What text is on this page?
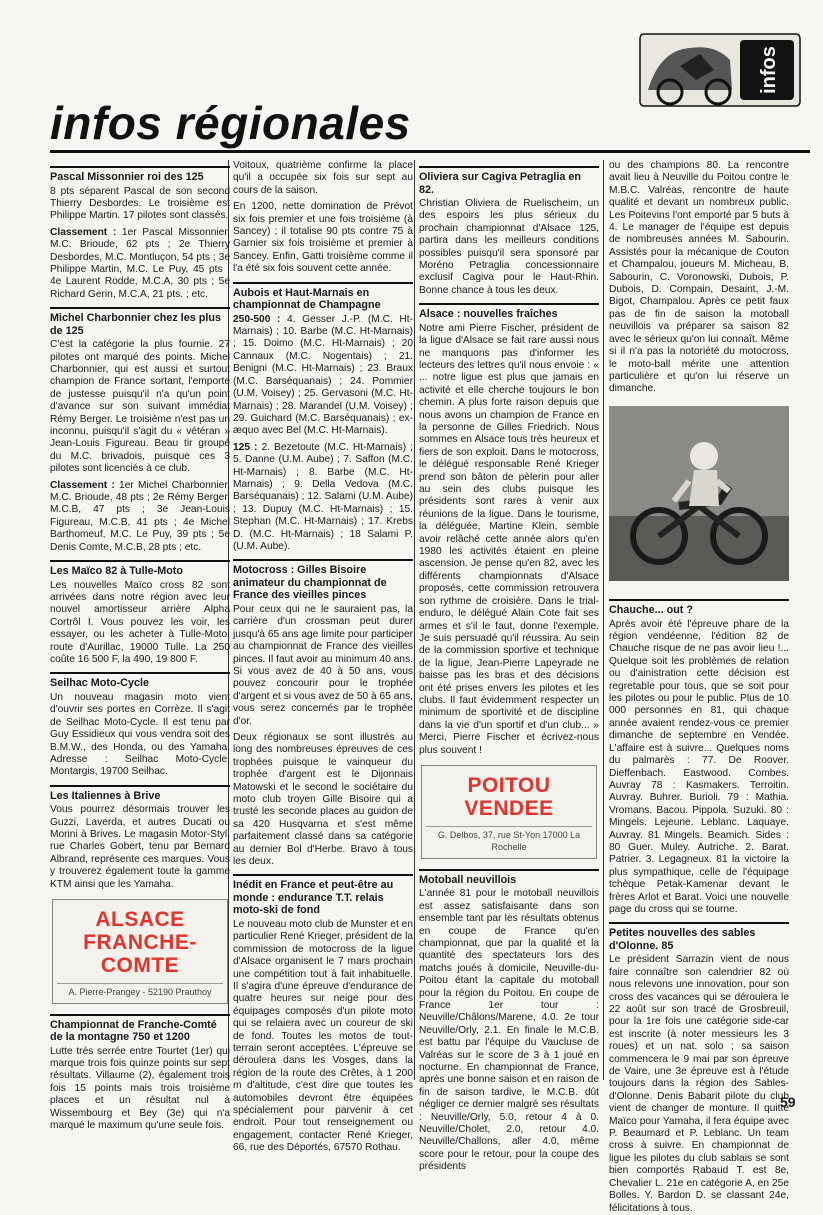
infos
infos régionales
Pascal Missonnier roi des 125

8 pts séparent Pascal de son second Thierry Desbordes. Le troisième est Philippe Martin. 17 pilotes sont classés.

Classement : 1er Pascal Missonnier, M.C. Brioude, 62 pts ; 2e Thierry Desbordes, M.C. Montluçon, 54 pts ; 3e Philippe Martin, M.C. Le Puy, 45 pts ; 4e Laurent Rodde, M.C.A, 30 pts ; 5e Richard Gerin, M.C.A, 21 pts. ; etc.

Michel Charbonnier chez les plus de 125

C'est la catégorie la plus fournie. 27 pilotes ont marqué des points. Michel Charbonnier, qui est aussi et surtout champion de France sortant, l'emporte de justesse puisqu'il n'a qu'un point d'avance sur son suivant immédiat Rémy Berger. Le troisième n'est pas un inconnu, puisqu'il s'agit du « vétéran » Jean-Louis Figureau. Beau tir groupé du M.C. brivadois, puisque ces 3 pilotes sont licenciés à ce club.

Classement : 1er Michel Charbonnier, M.C. Brioude, 48 pts ; 2e Rémy Berger, M.C.B, 47 pts ; 3e Jean-Louis Figureau, M.C.B, 41 pts ; 4e Michel Barthomeuf, M.C. Le Puy, 39 pts ; 5e Denis Comte, M.C.B, 28 pts ; etc.

Les Maïco 82 à Tulle-Moto

Les nouvelles Maïco cross 82 sont arrivées dans notre région avec leur nouvel amortisseur arrière Alpha Cortrôl I. Vous pouvez les voir, les essayer, ou les acheter à Tulle-Moto, route d'Aurillac, 19000 Tulle. La 250 coûte 16 500 F, la 490, 19 800 F.

Seilhac Moto-Cycle

Un nouveau magasin moto vient d'ouvrir ses portes en Corrèze. Il s'agit de Seilhac Moto-Cycle. Il est tenu par Guy Essidieux qui vous vendra soit des B.M.W., des Honda, ou des Yamaha. Adresse : Seilhac Moto-Cycle, Montargis, 19700 Seilhac.

Les Italiennes à Brive

Vous pourrez désormais trouver les Guzzi, Laverda, et autres Ducati ou Morini à Brives. Le magasin Motor-Styl, rue Charles Gobert, tenu par Bernard Albrand, représente ces marques. Vous y trouverez également toute la gamme KTM ainsi que les Yamaha.

ALSACE FRANCHE-COMTE
A. Pierre-Prangey - 52190 Prauthoy
Championnat de Franche-Comté de la montagne 750 et 1200

Lutte très serrée entre Tourtet (1er) qui marque trois fois quinze points sur sept résultats. Villaume (2), également trois fois 15 points mais trois troisième places et un résultat nul à Wissembourg et Bey (3e) qui n'a marqué le maximum qu'une seule fois.

Voitoux, quatrième confirme la place qu'il a occupée six fois sur sept au cours de la saison.

En 1200, nette domination de Prévot six fois premier et une fois troisième (à Sancey) ; il totalise 90 pts contre 75 à Garnier six fois troisième et premier à Sancey. Enfin, Gatti troisième comme il l'a été six fois souvent cette année.

Aubois et Haut-Marnais en championnat de Champagne

250-500 : 4. Gesser J.-P. (M.C. Ht-Marnais) ; 10. Barbe (M.C. Ht-Marnais) ; 15. Doimo (M.C. Ht-Marnais) ; 20 Cannaux (M.C. Nogentais) ; 21. Benigni (M.C. Ht-Marnais) ; 23. Braux (M.C. Barséquanais) ; 24. Pommier (U.M. Voisey) ; 25. Gervasoni (M.C. Ht-Marnais) ; 28. Marandel (U.M. Voisey) ; 29. Guichard (M.C. Barséquanais) ; ex-æquo avec Bel (M.C. Ht-Marnais).

125 : 2. Bezetoute (M.C. Ht-Marnais) ; 5. Danne (U.M. Aube) ; 7. Saffon (M.C. Ht-Marnais) ; 8. Barbe (M.C. Ht-Marnais) ; 9. Della Vedova (M.C. Barséquanais) ; 12. Salami (U.M. Aube) ; 13. Dupuy (M.C. Ht-Marnais) ; 15. Stephan (M.C. Ht-Marnais) ; 17. Krebs D. (M.C. Ht-Marnais) ; 18 Salami P. (U.M. Aube).

Motocross : Gilles Bisoire animateur du championnat de France des vieilles pinces

Pour ceux qui ne le sauraient pas, la carrière d'un crossman peut durer jusqu'à 65 ans age limite pour participer au championnat de France des vieilles pinces. Il faut avoir au minimum 40 ans. Si vous avez de 40 à 50 ans, vous pouvez concourir pour le trophée d'argent et si vous avez de 50 à 65 ans, vous serez concernés par le trophée d'or.

Deux régionaux se sont illustrés au long des nombreuses épreuves de ces trophées puisque le vainqueur du trophée d'argent est le Dijonnais Matowski et le second le sociétaire du moto club troyen Gille Bisoire qui a trusté les seconde places au guidon de sa 420 Husqvarna et s'est même parfaitement classé dans sa catégorie au dernier Bol d'Herbe. Bravo à tous les deux.

Inédit en France et peut-être au monde : endurance T.T. relais moto-ski de fond

Le nouveau moto club de Munster et en particulier René Krieger, président de la commission de motocross de la ligue d'Alsace organisent le 7 mars prochain une compétition tout à fait inhabituelle. Il s'agira d'une épreuve d'endurance de quatre heures sur neige pour des équipages composés d'un pilote moto qui se relaiera avec un coureur de ski de fond. Toutes les motos de tout-terrain seront acceptées. L'épreuve se déroulera dans les Vosges, dans la région de la route des Crêtes, à 1 200 m d'altitude, c'est dire que toutes les automobiles devront être équipées spécialement pour parvenir à cet endroit. Pour tout renseignement ou engagement, contacter René Krieger, 66, rue des Déportés, 67570 Rothau.

Oliviera sur Cagiva Petraglia en 82.

Christian Oliviera de Ruelischeim, un des espoirs les plus sérieux du prochain championnat d'Alsace 125, partira dans les meilleurs conditions possibles puisqu'il sera sponsoré par Moréno Petraglia concessionnaire exclusif Cagiva pour le Haut-Rhin. Bonne chance à tous les deux.

Alsace : nouvelles fraîches

Notre ami Pierre Fischer, président de la ligue d'Alsace se fait rare aussi nous ne manquons pas d'informer les lecteurs des lettres qu'il nous envoie : « ... notre ligue est plus que jamais en activité et elle cherche toujours le bon chemin. A plus forte raison depuis que nous avons un champion de France en la personne de Gilles Friedrich. Nous sommes en Alsace tous très heureux et fiers de son exploit. Dans le motocross, le délégué responsable René Krieger prend son bâton de pèlerin pour aller au sein des clubs puisque les présidents sont rares à venir aux réunions de la ligue. Dans le tourisme, la déléguée, Martine Klein, semble avoir relâché cette année alors qu'en 1980 les activités étaient en pleine ascension. Je pense qu'en 82, avec les différents championnats d'Alsace proposés, cette commission retrouvera son rythme de croisière. Dans le trial-enduro, le délégué Alain Cote fait ses armes et s'il le faut, donne l'exemple. Je suis persuadé qu'il réussira. Au sein de la commission sportive et technique de la ligue, Jean-Pierre Lapeyrade ne baisse pas les bras et des décisions ont été prises envers les pilotes et les clubs. Il faut évidemment respecter un minimum de sportivité et de discipline dans la vie d'un sportif et d'un club... » Merci, Pierre Fischer et écrivez-nous plus souvent !

POITOU VENDEE
G. Delbos, 37, rue St-Yon 17000 La Rochelle
Motoball neuvillois

L'année 81 pour le motoball neuvillois est assez satisfaisante dans son ensemble tant par les résultats obtenus en coupe de France qu'en championnat, que par la qualité et la quantité des spectateurs lors des matchs joués à domicile, Neuville-du-Poitou étant la capitale du motoball pour la région du Poitou. En coupe de France 1er tour : Neuville/Châlons/Marene, 4.0. 2e tour Neuville/Orly, 2.1. En finale le M.C.B. est battu par l'équipe du Vaucluse de Valréas sur le score de 3 à 1 joué en nocturne. En championnat de France, après une bonne saison et en raison de fin de saison tardive, le M.C.B. dût négliger ce dernier malgré ses résultats : Neuville/Orly, 5.0, retour 4 à 0. Neuville/Cholet, 2.0, retour 4.0. Neuville/Challons, aller 4.0, même score pour le retour, pour la coupe des présidents

ou des champions 80. La rencontre avait lieu à Neuville du Poitou contre le M.B.C. Valréas, rencontre de haute qualité et devant un nombreux public. Les Poitevins l'ont emporté par 5 buts à 4. Le manager de l'équipe est depuis de nombreuses années M. Sabourin. Assistés pour la mécanique de Couton et Champalou, joueurs M. Micheau, B. Sabourin, C. Voronowski, Dubois, P. Dubois, D. Compain, Desaint, J.-M. Bigot, Champalou. Après ce petit faux pas de fin de saison la motoball neuvillois va préparer sa saison 82 avec le sérieux qu'on lui connaît. Même si il n'a pas la notoriété du motocross, le moto-ball mérite une attention particulière et qu'on lui réserve un dimanche.

Chauche... out ?

Après avoir été l'épreuve phare de la région vendéenne, l'édition 82 de Chauche risque de ne pas avoir lieu !... Quelque soit les problèmes de relation ou d'ainistration cette décision est regretable pour tous, que se soit pour les pilotes ou pour le public. Plus de 10 000 personnes en 81, qui chaque année avaient rendez-vous ce premier dimanche de septembre en Vendée. L'affaire est à suivre... Quelques noms du palmarès : 77. De Roover. Dieffenbach. Eastwood. Combes. Auvray 78 : Kasmakers. Terroitin. Auvray. Buhrer. Burioli. 79 : Mathia. Vromans. Bacou. Pippola. Suzuki. 80 : Mingels. Lejeune. Leblanc. Laquaye. Auvray. 81 Mingels. Beamich. Sides : 80 Guer. Muley. Autriche. 2. Barat. Patrier. 3. Legagneux. 81 la victoire la plus sympathique, celle de l'équipage tchèque Petak-Kamenar devant le frères Arlot et Barat. Voici une nouvelle page du cross qui se tourne.

Petites nouvelles des sables d'Olonne. 85

Le président Sarrazin vient de nous faire connaître son calendrier 82 où nous relevons une innovation, pour son cross des vacances qui se déroulera le 22 août sur son tracé de Grosbreuil, pour la 1re fois une catégorie side-car est inscrite (à noter messieurs les 3 roues) et un nat. solo ; sa saison commencera le 9 mai par son épreuve de Vaire, une 3e épreuve est à l'étude toujours dans la région des Sables-d'Olonne. Denis Babarit pilote du club vient de changer de monture. Il quitte Maïco pour Yamaha, il fera équipe avec P. Beaumard et P. Leblanc. Un team cross à suivre. En championnat de ligue les pilotes du club sablais se sont bien comportés Rabaud T. est 8e, Chevalier L. 21e en catégorie A, en 25e Bolles. Y. Bardon D. se classant 24e, félicitations à tous.

59
